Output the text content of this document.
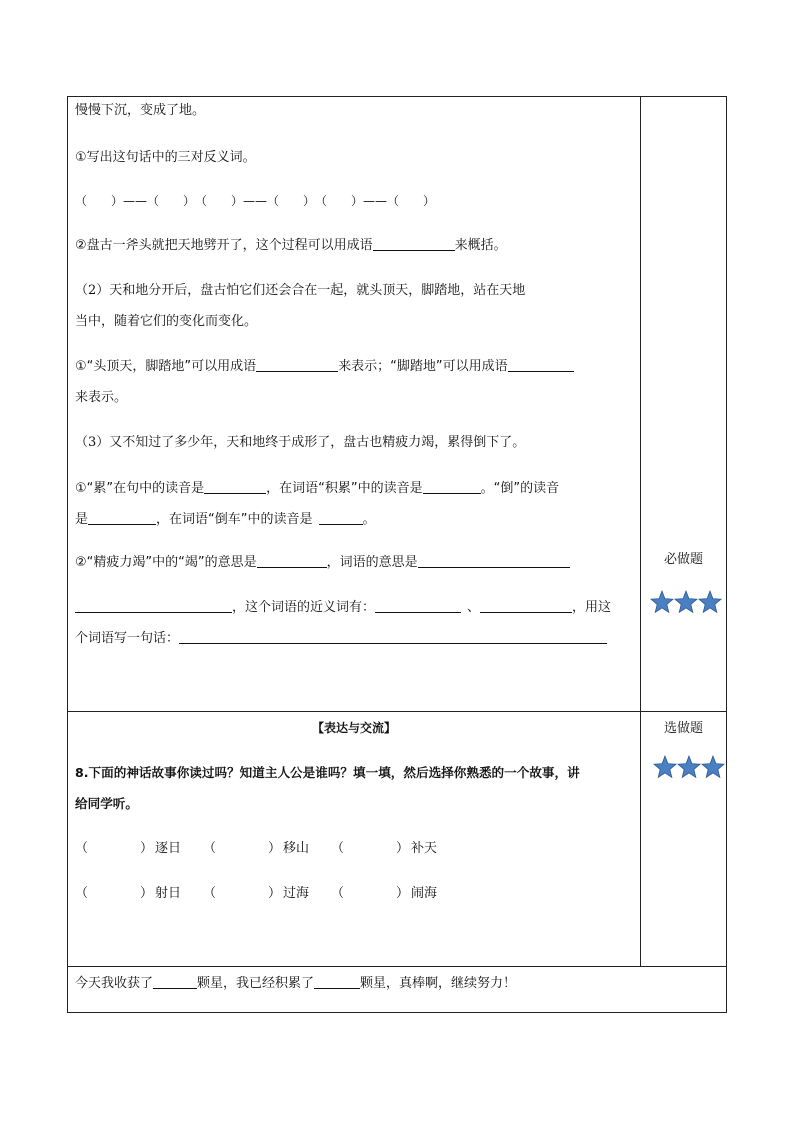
慢慢下沉，变成了地。
①写出这句话中的三对反义词。
（　　）——（　　）　（　　）——（　　）　（　　）——（　　）
②盘古一斧头就把天地劈开了，这个过程可以用成语	来概括。
（2）天和地分开后，盘古怕它们还会合在一起，就头顶天，脚踏地，站在天地
当中，随着它们的变化而变化。
①“头顶天，脚踏地”可以用成语	来表示；“脚踏地”可以用成语
来表示。
（3）又不知过了多少年，天和地终于成形了，盘古也精疲力竭，累得倒下了。
①“累”在句中的读音是	，在词语“积累”中的读音是	。“倒”的读音
是	，在词语“倒车”中的读音是	。
②“精疲力竭”中的“竭”的意思是	，词语的意思是
，这个词语的近义词有：	、	，用这
个词语写一句话：
必做题
【表达与交流】
8.下面的神话故事你读过吗？知道主人公是谁吗？填一填，然后选择你熟悉的一个故事，讲
给同学听。
（	） 逐日 （	） 移山 （	） 补天
（	） 射日 （	） 过海 （	） 闹海
选做题
今天我收获了	颗星，我已经积累了	颗星，真棒啊，继续努力！
